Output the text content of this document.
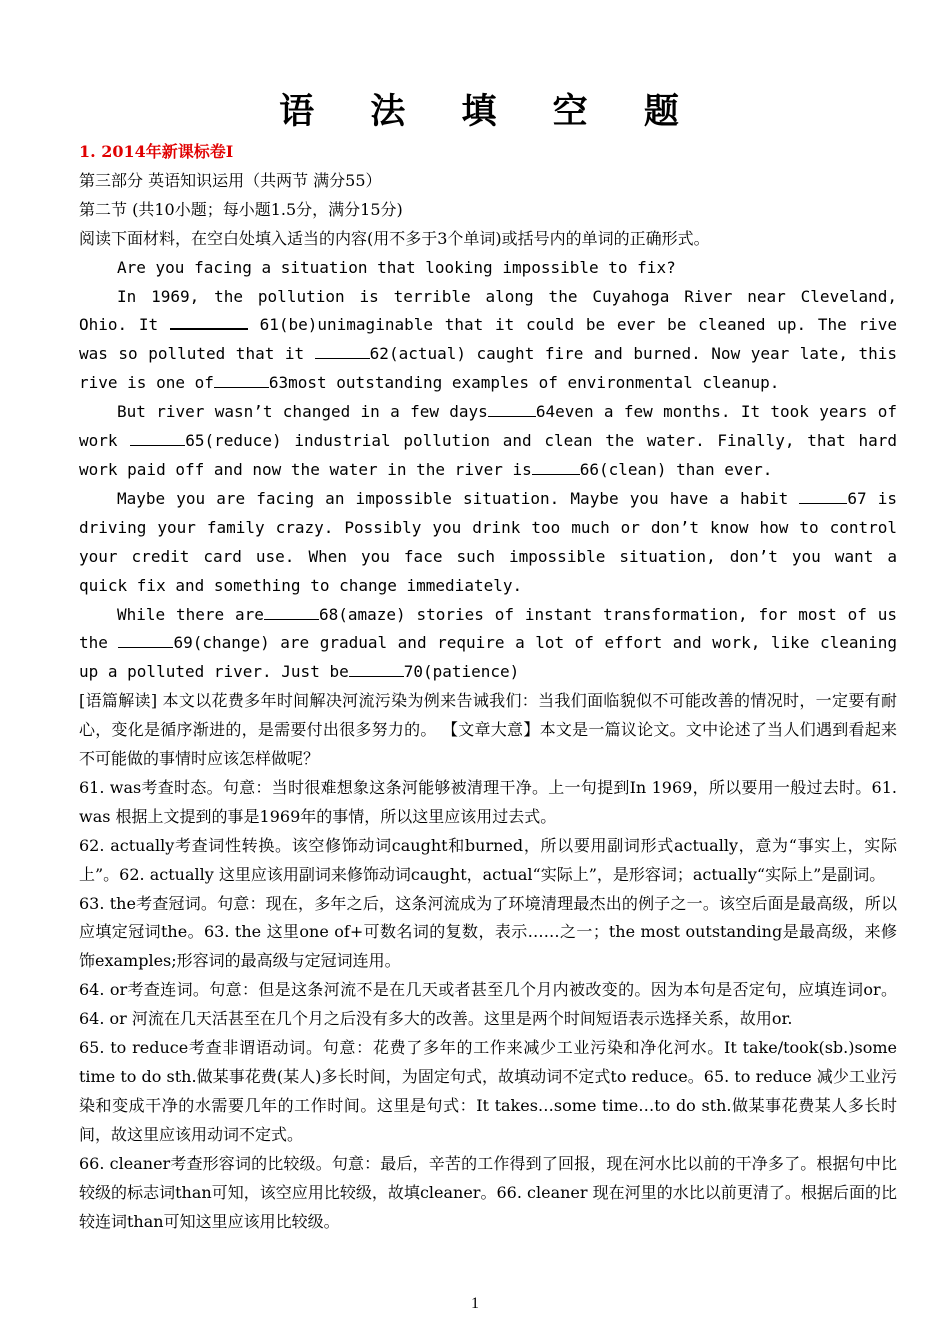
语 法 填 空 题

1. 2014年新课标卷I

第三部分 英语知识运用（共两节 满分55）

第二节 (共10小题；每小题1.5分，满分15分)

阅读下面材料，在空白处填入适当的内容(用不多于3个单词)或括号内的单词的正确形式。

Are you facing a situation that looking impossible to fix?

In 1969, the pollution is terrible along the Cuyahoga River near Cleveland, Ohio. It	61(be)unimaginable that it could be ever be cleaned up. The rive was so polluted that it	62(actual) caught fire and burned. Now year late, this rive is one of	63most outstanding examples of environmental cleanup.

But river wasn’t changed in a few days	64even a few months. It took years of work	65(reduce) industrial pollution and clean the water. Finally, that hard work paid off and now the water in the river is	66(clean) than ever.

Maybe you are facing an impossible situation. Maybe you have a habit	67 is driving your family crazy. Possibly you drink too much or don’t know how to control your credit card use. When you face such impossible situation, don’t you want a quick fix and something to change immediately.

While there are	68(amaze) stories of instant transformation, for most of us the	69(change) are gradual and require a lot of effort and work, like cleaning up a polluted river. Just be	70(patience)

[语篇解读] 本文以花费多年时间解决河流污染为例来告诫我们：当我们面临貌似不可能改善的情况时，一定要有耐心，变化是循序渐进的，是需要付出很多努力的。 【文章大意】本文是一篇议论文。文中论述了当人们遇到看起来不可能做的事情时应该怎样做呢？

61. was考查时态。句意：当时很难想象这条河能够被清理干净。上一句提到In 1969，所以要用一般过去时。61. was 根据上文提到的事是1969年的事情，所以这里应该用过去式。

62. actually考查词性转换。该空修饰动词caught和burned，所以要用副词形式actually，意为“事实上，实际上”。62. actually 这里应该用副词来修饰动词caught，actual“实际上”，是形容词；actually“实际上”是副词。

63. the考查冠词。句意：现在，多年之后，这条河流成为了环境清理最杰出的例子之一。该空后面是最高级，所以应填定冠词the。63. the 这里one of+可数名词的复数，表示……之一；the most outstanding是最高级，来修饰examples;形容词的最高级与定冠词连用。

64. or考查连词。句意：但是这条河流不是在几天或者甚至几个月内被改变的。因为本句是否定句，应填连词or。64. or 河流在几天活甚至在几个月之后没有多大的改善。这里是两个时间短语表示选择关系，故用or.

65. to reduce考查非谓语动词。句意：花费了多年的工作来减少工业污染和净化河水。It take/took(sb.)some time to do sth.做某事花费(某人)多长时间，为固定句式，故填动词不定式to reduce。65. to reduce 减少工业污染和变成干净的水需要几年的工作时间。这里是句式：It takes…some time…to do sth.做某事花费某人多长时间，故这里应该用动词不定式。

66. cleaner考查形容词的比较级。句意：最后，辛苦的工作得到了回报，现在河水比以前的干净多了。根据句中比较级的标志词than可知，该空应用比较级，故填cleaner。66. cleaner 现在河里的水比以前更清了。根据后面的比较连词than可知这里应该用比较级。

1
